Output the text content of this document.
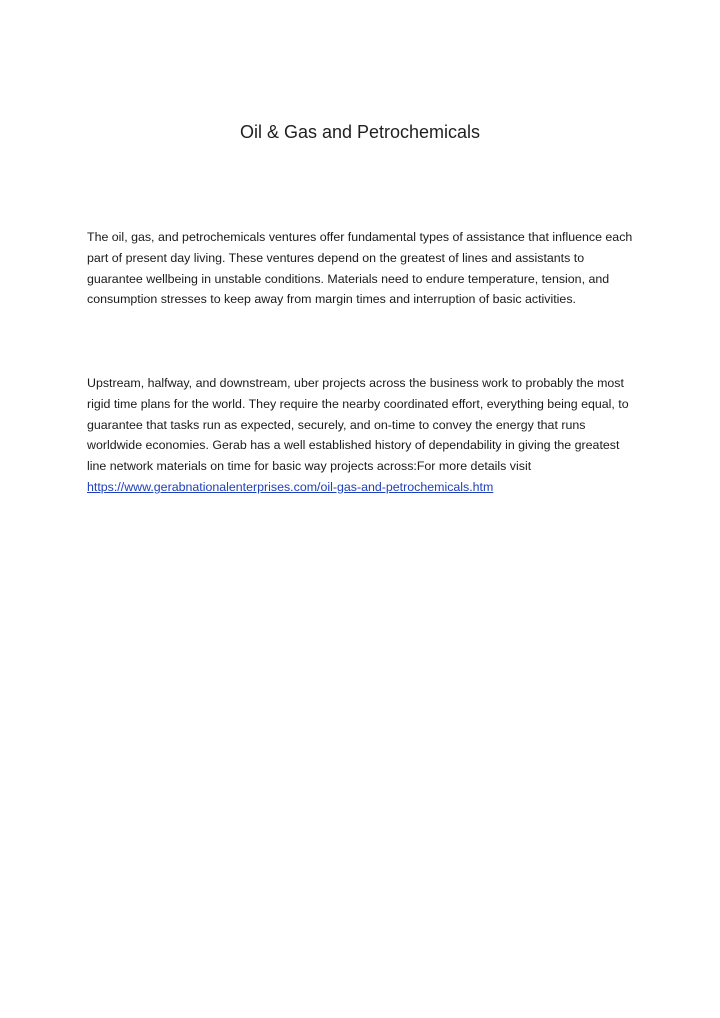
Oil & Gas and Petrochemicals

The oil, gas, and petrochemicals ventures offer fundamental types of assistance that influence each part of present day living. These ventures depend on the greatest of lines and assistants to guarantee wellbeing in unstable conditions. Materials need to endure temperature, tension, and consumption stresses to keep away from margin times and interruption of basic activities.

Upstream, halfway, and downstream, uber projects across the business work to probably the most rigid time plans for the world. They require the nearby coordinated effort, everything being equal, to guarantee that tasks run as expected, securely, and on-time to convey the energy that runs worldwide economies. Gerab has a well established history of dependability in giving the greatest line network materials on time for basic way projects across:For more details visit https://www.gerabnationalenterprises.com/oil-gas-and-petrochemicals.htm
